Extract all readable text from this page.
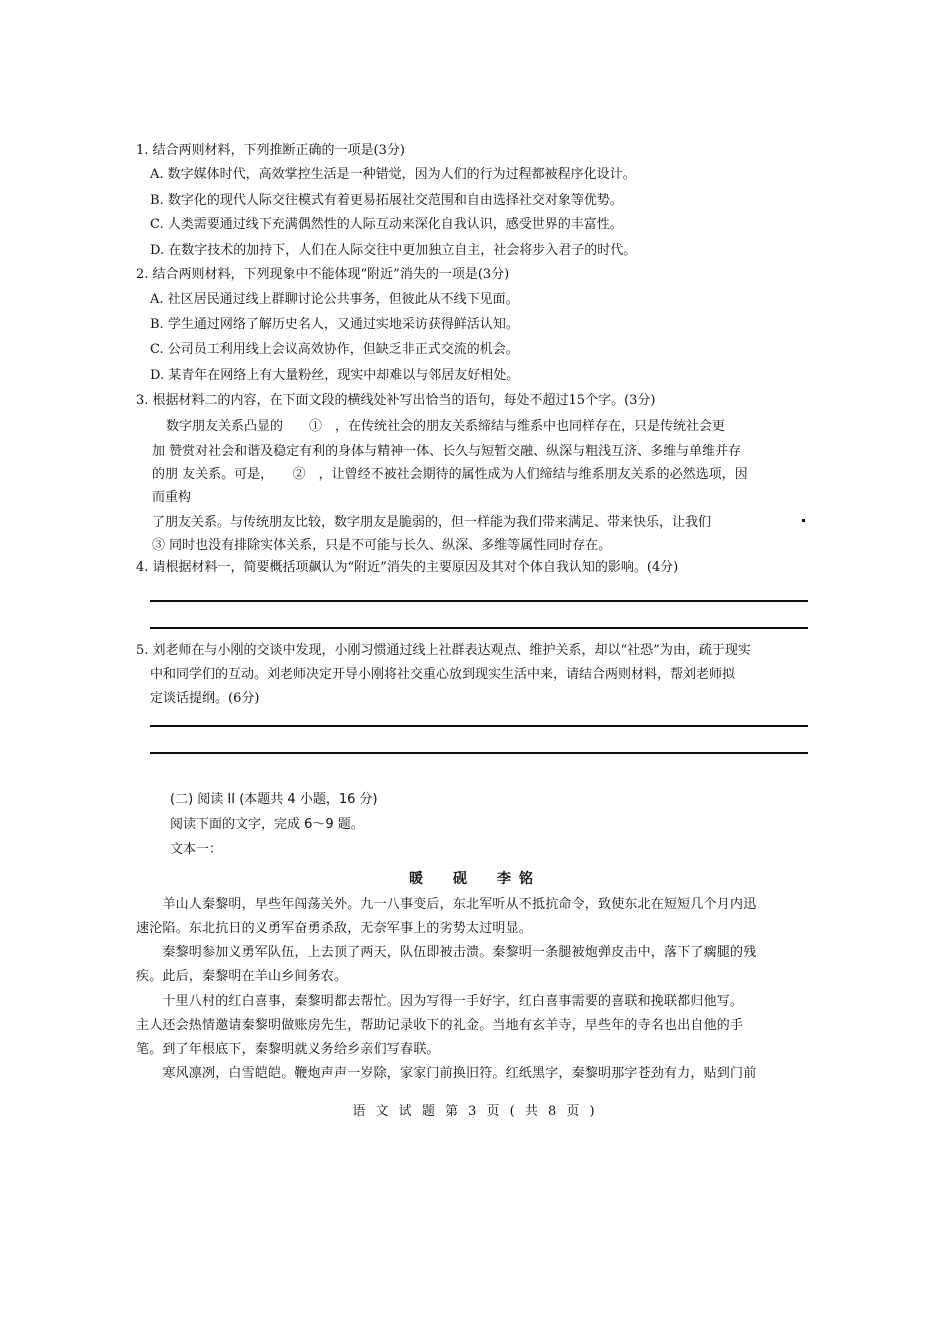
1. 结合两则材料，下列推断正确的一项是(3分)
A. 数字媒体时代，高效掌控生活是一种错觉，因为人们的行为过程都被程序化设计。
B. 数字化的现代人际交往模式有着更易拓展社交范围和自由选择社交对象等优势。
C. 人类需要通过线下充满偶然性的人际互动来深化自我认识，感受世界的丰富性。
D. 在数字技术的加持下，人们在人际交往中更加独立自主，社会将步入君子的时代。
2. 结合两则材料，下列现象中不能体现“附近”消失的一项是(3分)
A. 社区居民通过线上群聊讨论公共事务，但彼此从不线下见面。
B. 学生通过网络了解历史名人，又通过实地采访获得鲜活认知。
C. 公司员工利用线上会议高效协作，但缺乏非正式交流的机会。
D. 某青年在网络上有大量粉丝，现实中却难以与邻居友好相处。
3. 根据材料二的内容，在下面文段的横线处补写出恰当的语句，每处不超过15个字。(3分)
数字朋友关系凸显的　　①　，在传统社会的朋友关系缔结与维系中也同样存在，只是传统社会更
加 赞赏对社会和谐及稳定有利的身体与精神一体、长久与短暂交融、纵深与粗浅互济、多维与单维并存
的朋 友关系。可是，　　②　，让曾经不被社会期待的属性成为人们缔结与维系朋友关系的必然选项，因
而重构
了朋友关系。与传统朋友比较，数字朋友是脆弱的，但一样能为我们带来满足、带来快乐，让我们
③ 同时也没有排除实体关系，只是不可能与长久、纵深、多维等属性同时存在。
4. 请根据材料一，简要概括项飙认为“附近”消失的主要原因及其对个体自我认知的影响。(4分)
5. 刘老师在与小刚的交谈中发现，小刚习惯通过线上社群表达观点、维护关系，却以“社恐”为由，疏于现实
中和同学们的互动。刘老师决定开导小刚将社交重心放到现实生活中来，请结合两则材料，帮刘老师拟
定谈话提纲。(6分)
(二) 阅读 II (本题共 4 小题，16 分)
阅读下面的文字，完成 6～9 题。
文本一：
暖　砚　李铭
　　羊山人秦黎明，早些年闯荡关外。九一八事变后，东北军听从不抵抗命令，致使东北在短短几个月内迅
速沦陷。东北抗日的义勇军奋勇杀敌，无奈军事上的劣势太过明显。
　　秦黎明参加义勇军队伍，上去顶了两天，队伍即被击溃。秦黎明一条腿被炮弹皮击中，落下了瘸腿的残
疾。此后，秦黎明在羊山乡间务农。
　　十里八村的红白喜事，秦黎明都去帮忙。因为写得一手好字，红白喜事需要的喜联和挽联都归他写。
主人还会热情邀请秦黎明做账房先生，帮助记录收下的礼金。当地有玄羊寺，早些年的寺名也出自他的手
笔。到了年根底下，秦黎明就义务给乡亲们写春联。
　　寒风凛冽，白雪皑皑。鞭炮声声一岁除，家家门前换旧符。红纸黑字，秦黎明那字苍劲有力，贴到门前
语 文 试 题 第 3 页 ( 共 8 页 )
